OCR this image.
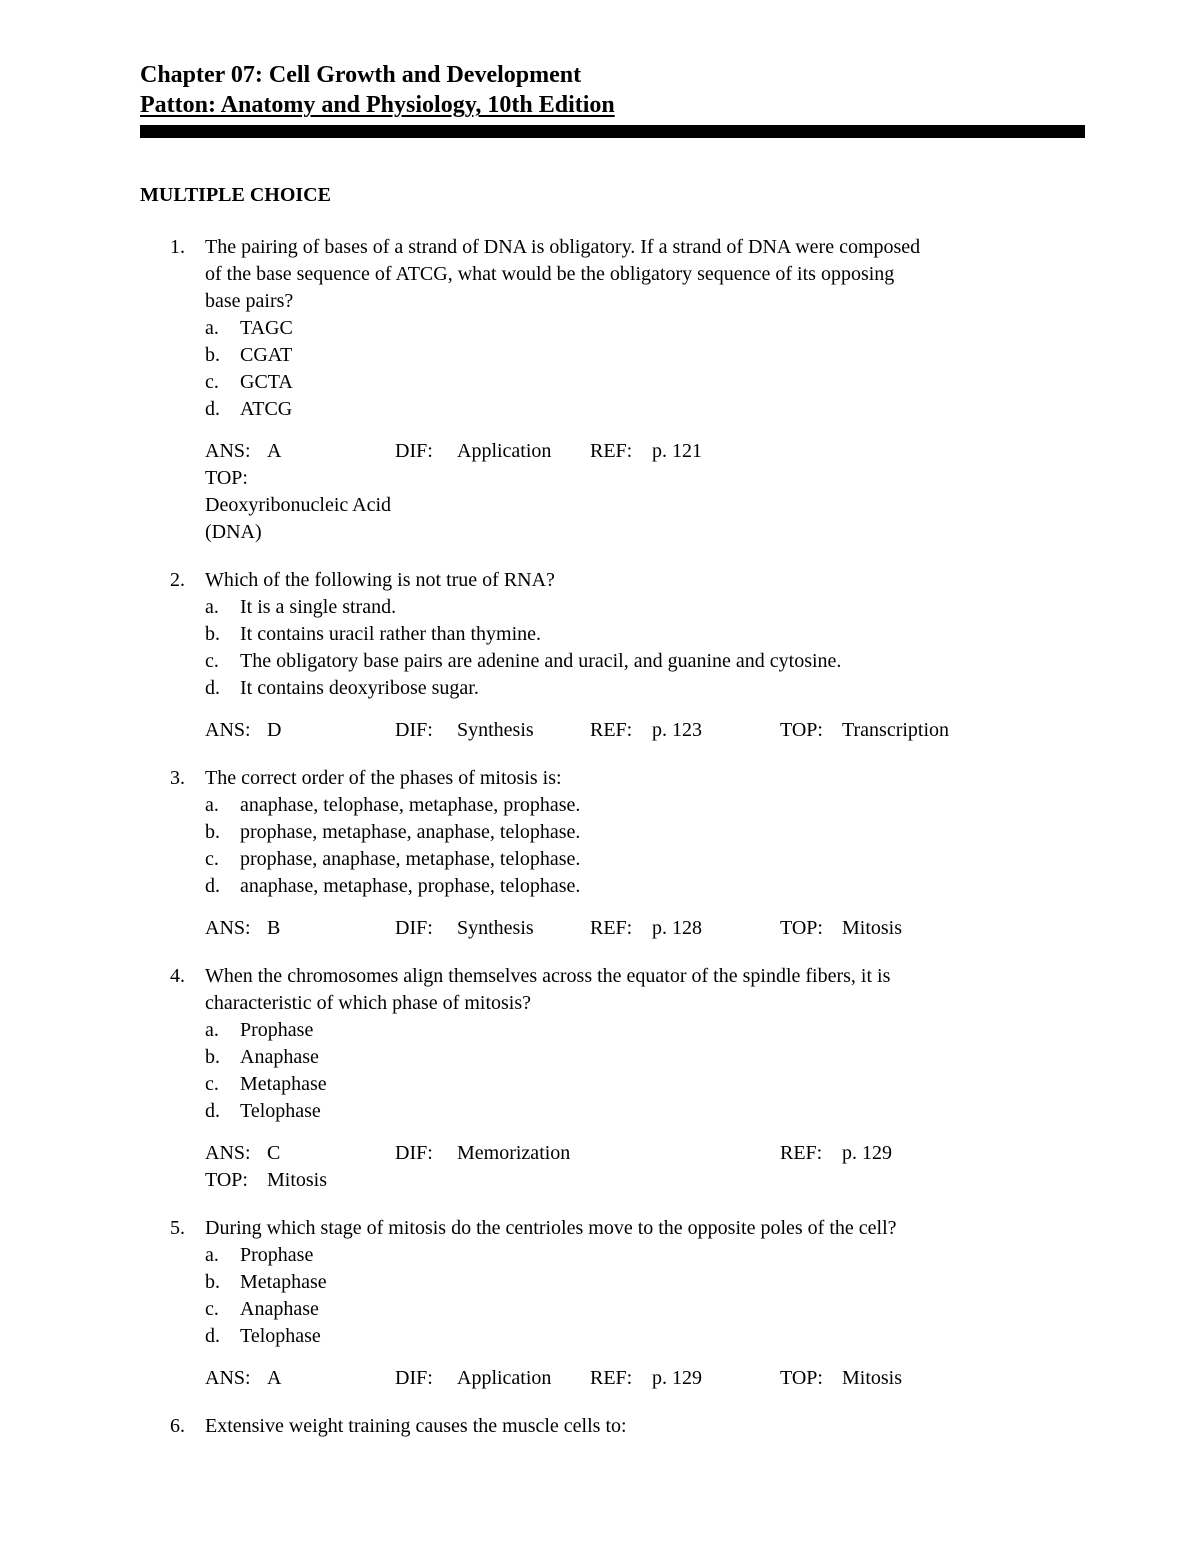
Chapter 07: Cell Growth and Development
Patton: Anatomy and Physiology, 10th Edition
MULTIPLE CHOICE
1.	The pairing of bases of a strand of DNA is obligatory. If a strand of DNA were composed
of the base sequence of ATCG, what would be the obligatory sequence of its opposing
base pairs?
a.	TAGC
b.	CGAT
c.	GCTA
d.	ATCG
ANS: A	DIF: Application	REF: p. 121
TOP:Deoxyribonucleic Acid (DNA)
2.	Which of the following is not true of RNA?
a.	It is a single strand.
b.	It contains uracil rather than thymine.
c.	The obligatory base pairs are adenine and uracil, and guanine and cytosine.
d.	It contains deoxyribose sugar.
ANS: D	DIF: Synthesis	REF: p. 123	TOP: Transcription
3.	The correct order of the phases of mitosis is:
a.	anaphase, telophase, metaphase, prophase.
b.	prophase, metaphase, anaphase, telophase.
c.	prophase, anaphase, metaphase, telophase.
d.	anaphase, metaphase, prophase, telophase.
ANS: B	DIF: Synthesis	REF: p. 128	TOP: Mitosis
4.	When the chromosomes align themselves across the equator of the spindle fibers, it is
characteristic of which phase of mitosis?
a.	Prophase
b.	Anaphase
c.	Metaphase
d.	Telophase
ANS: C	DIF: Memorization	REF: p. 129
TOP: Mitosis
5.	During which stage of mitosis do the centrioles move to the opposite poles of the cell?
a.	Prophase
b.	Metaphase
c.	Anaphase
d.	Telophase
ANS: A	DIF: Application	REF: p. 129	TOP: Mitosis
6.	Extensive weight training causes the muscle cells to:
